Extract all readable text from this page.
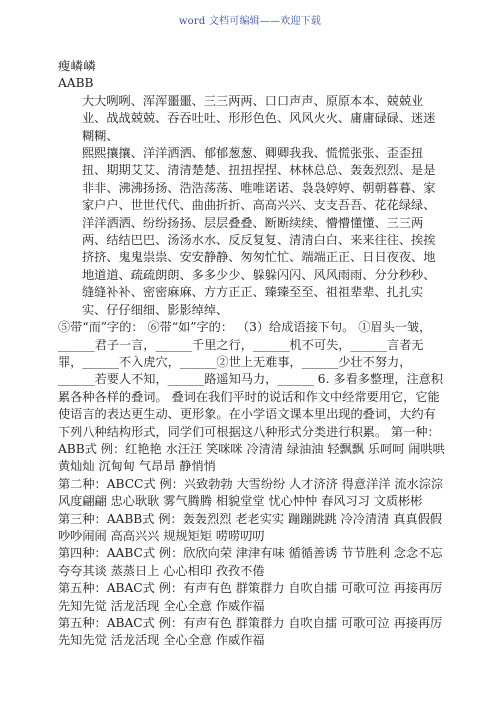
word 文档可编辑——欢迎下载

瘦嶙嶙

AABB

大大咧咧、浑浑噩噩、三三两两、口口声声、原原本本、兢兢业业、战战兢兢、吞吞吐吐、形形色色、风风火火、庸庸碌碌、迷迷糊糊、

熙熙攘攘、洋洋洒洒、郁郁葱葱、卿卿我我、慌慌张张、歪歪扭扭、期期艾艾、清清楚楚、扭扭捏捏、林林总总、轰轰烈烈、是是非非、沸沸扬扬、浩浩荡荡、唯唯诺诺、袅袅婷婷、朝朝暮暮、家家户户、世世代代、曲曲折折、高高兴兴、支支吾吾、花花绿绿、洋洋洒洒、纷纷扬扬、层层叠叠、断断续续、懵懵懂懂、三三两两、结结巴巴、汤汤水水、反反复复、清清白白、来来往往、挨挨挤挤、鬼鬼祟祟、安安静静、匆匆忙忙、端端正正、日日夜夜、地地道道、疏疏朗朗、多多少少、躲躲闪闪、风风雨雨、分分秒秒、缝缝补补、密密麻麻、方方正正、臻臻至至、祖祖辈辈、扎扎实实、仔仔细细、影影绰绰、

⑤带“而”字的： ⑥带“如”字的： （3）给成语接下句。 ①眉头一皱，______君子一言，______千里之行，______机不可失，______言者无罪，______不入虎穴，______②世上无难事，______少壮不努力，______若要人不知，______路遥知马力，______ 6. 多看多整理，注意积累各种各样的叠词。 叠词在我们平时的说话和作文中经常要用它，它能使语言的表达更生动、更形象。在小学语文课本里出现的叠词，大约有下列八种结构形式，同学们可根据这八种形式分类进行积累。 第一种：ABB式 例：红艳艳 水汪汪 笑咪咪 冷清清 绿油油 轻飘飘 乐呵呵 闹哄哄 黄灿灿 沉甸甸 气昂昂 静悄悄

第二种：ABCC式 例：兴致勃勃 大雪纷纷 人才济济 得意洋洋 流水淙淙 风度翩翩 忠心耿耿 雾气腾腾 相貌堂堂 忧心忡忡 春风习习 文质彬彬

第三种：AABB式 例：轰轰烈烈 老老实实 蹦蹦跳跳 冷冷清清 真真假假 吵吵闹闹 高高兴兴 规规矩矩 唠唠叨叨

第四种：AABC式 例：欣欣向荣 津津有味 循循善诱 节节胜利 念念不忘 夸夸其谈 蒸蒸日上 心心相印 孜孜不倦

第五种：ABAC式 例：有声有色 群策群力 自吹自擂 可歌可泣 再接再厉 先知先觉 活龙活现 全心全意 作威作福

第五种：ABAC式 例：有声有色 群策群力 自吹自擂 可歌可泣 再接再厉 先知先觉 活龙活现 全心全意 作威作福
